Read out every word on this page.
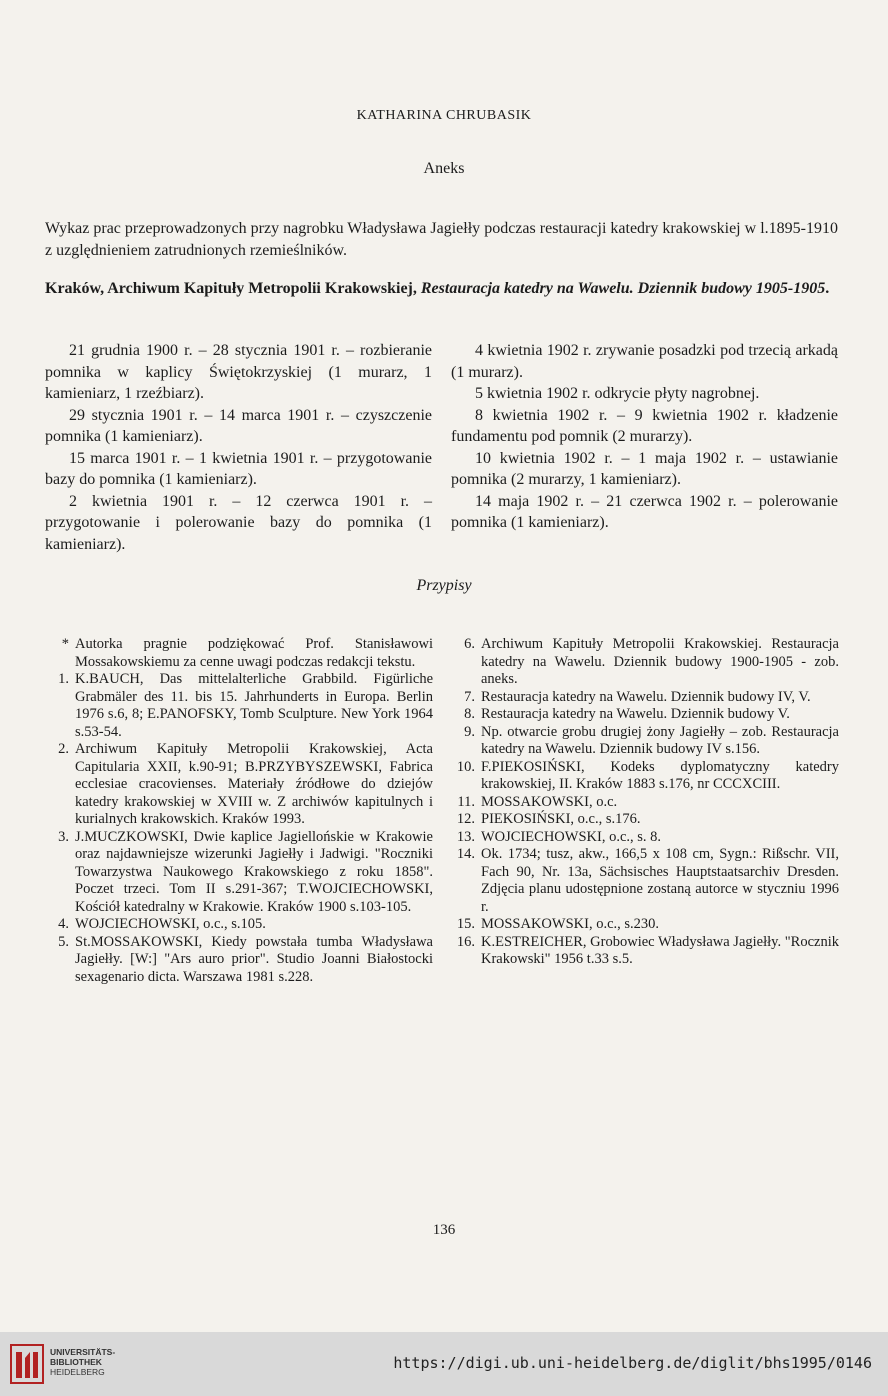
KATHARINA CHRUBASIK
Aneks
Wykaz prac przeprowadzonych przy nagrobku Władysława Jagiełły podczas restauracji katedry krakowskiej w l.1895-1910 z uzględnieniem zatrudnionych rzemieślników.
Kraków, Archiwum Kapituły Metropolii Krakowskiej, Restauracja katedry na Wawelu. Dziennik budowy 1905-1905.

21 grudnia 1900 r. – 28 stycznia 1901 r. – rozbieranie pomnika w kaplicy Świętokrzyskiej (1 murarz, 1 kamieniarz, 1 rzeźbiarz).

29 stycznia 1901 r. – 14 marca 1901 r. – czyszczenie pomnika (1 kamieniarz).

15 marca 1901 r. – 1 kwietnia 1901 r. – przygotowanie bazy do pomnika (1 kamieniarz).

2 kwietnia 1901 r. – 12 czerwca 1901 r. – przygotowanie i polerowanie bazy do pomnika (1 kamieniarz).

4 kwietnia 1902 r. zrywanie posadzki pod trzecią arkadą (1 murarz).

5 kwietnia 1902 r. odkrycie płyty nagrobnej.

8 kwietnia 1902 r. – 9 kwietnia 1902 r. kładzenie fundamentu pod pomnik (2 murarzy).

10 kwietnia 1902 r. – 1 maja 1902 r. – ustawianie pomnika (2 murarzy, 1 kamieniarz).

14 maja 1902 r. – 21 czerwca 1902 r. – polerowanie pomnika (1 kamieniarz).

Przypisy
* Autorka pragnie podziękować Prof. Stanisławowi Mossakowskiemu za cenne uwagi podczas redakcji tekstu.
1. K.BAUCH, Das mittelalterliche Grabbild. Figürliche Grabmäler des 11. bis 15. Jahrhunderts in Europa. Berlin 1976 s.6, 8; E.PANOFSKY, Tomb Sculpture. New York 1964 s.53-54.
2. Archiwum Kapituły Metropolii Krakowskiej, Acta Capitularia XXII, k.90-91; B.PRZYBYSZEWSKI, Fabrica ecclesiae cracovienses. Materiały źródłowe do dziejów katedry krakowskiej w XVIII w. Z archiwów kapitulnych i kurialnych krakowskich. Kraków 1993.
3. J.MUCZKOWSKI, Dwie kaplice Jagiellońskie w Krakowie oraz najdawniejsze wizerunki Jagiełły i Jadwigi. "Roczniki Towarzystwa Naukowego Krakowskiego z roku 1858". Poczet trzeci. Tom II s.291-367; T.WOJCIECHOWSKI, Kościół katedralny w Krakowie. Kraków 1900 s.103-105.
4. WOJCIECHOWSKI, o.c., s.105.
5. St.MOSSAKOWSKI, Kiedy powstała tumba Władysława Jagiełły. [W:] "Ars auro prior". Studio Joanni Białostocki sexagenario dicta. Warszawa 1981 s.228.
6. Archiwum Kapituły Metropolii Krakowskiej. Restauracja katedry na Wawelu. Dziennik budowy 1900-1905 - zob. aneks.
7. Restauracja katedry na Wawelu. Dziennik budowy IV, V.
8. Restauracja katedry na Wawelu. Dziennik budowy V.
9. Np. otwarcie grobu drugiej żony Jagiełły – zob. Restauracja katedry na Wawelu. Dziennik budowy IV s.156.
10. F.PIEKOSIŃSKI, Kodeks dyplomatyczny katedry krakowskiej, II. Kraków 1883 s.176, nr CCCXCIII.
11. MOSSAKOWSKI, o.c.
12. PIEKOSIŃSKI, o.c., s.176.
13. WOJCIECHOWSKI, o.c., s. 8.
14. Ok. 1734; tusz, akw., 166,5 x 108 cm, Sygn.: Rißschr. VII, Fach 90, Nr. 13a, Sächsisches Hauptstaatsarchiv Dresden. Zdjęcia planu udostępnione zostaną autorce w styczniu 1996 r.
15. MOSSAKOWSKI, o.c., s.230.
16. K.ESTREICHER, Grobowiec Władysława Jagiełły. "Rocznik Krakowski" 1956 t.33 s.5.
136
UNIVERSITÄTS-
BIBLIOTHEK
HEIDELBERG	https://digi.ub.uni-heidelberg.de/diglit/bhs1995/0146
